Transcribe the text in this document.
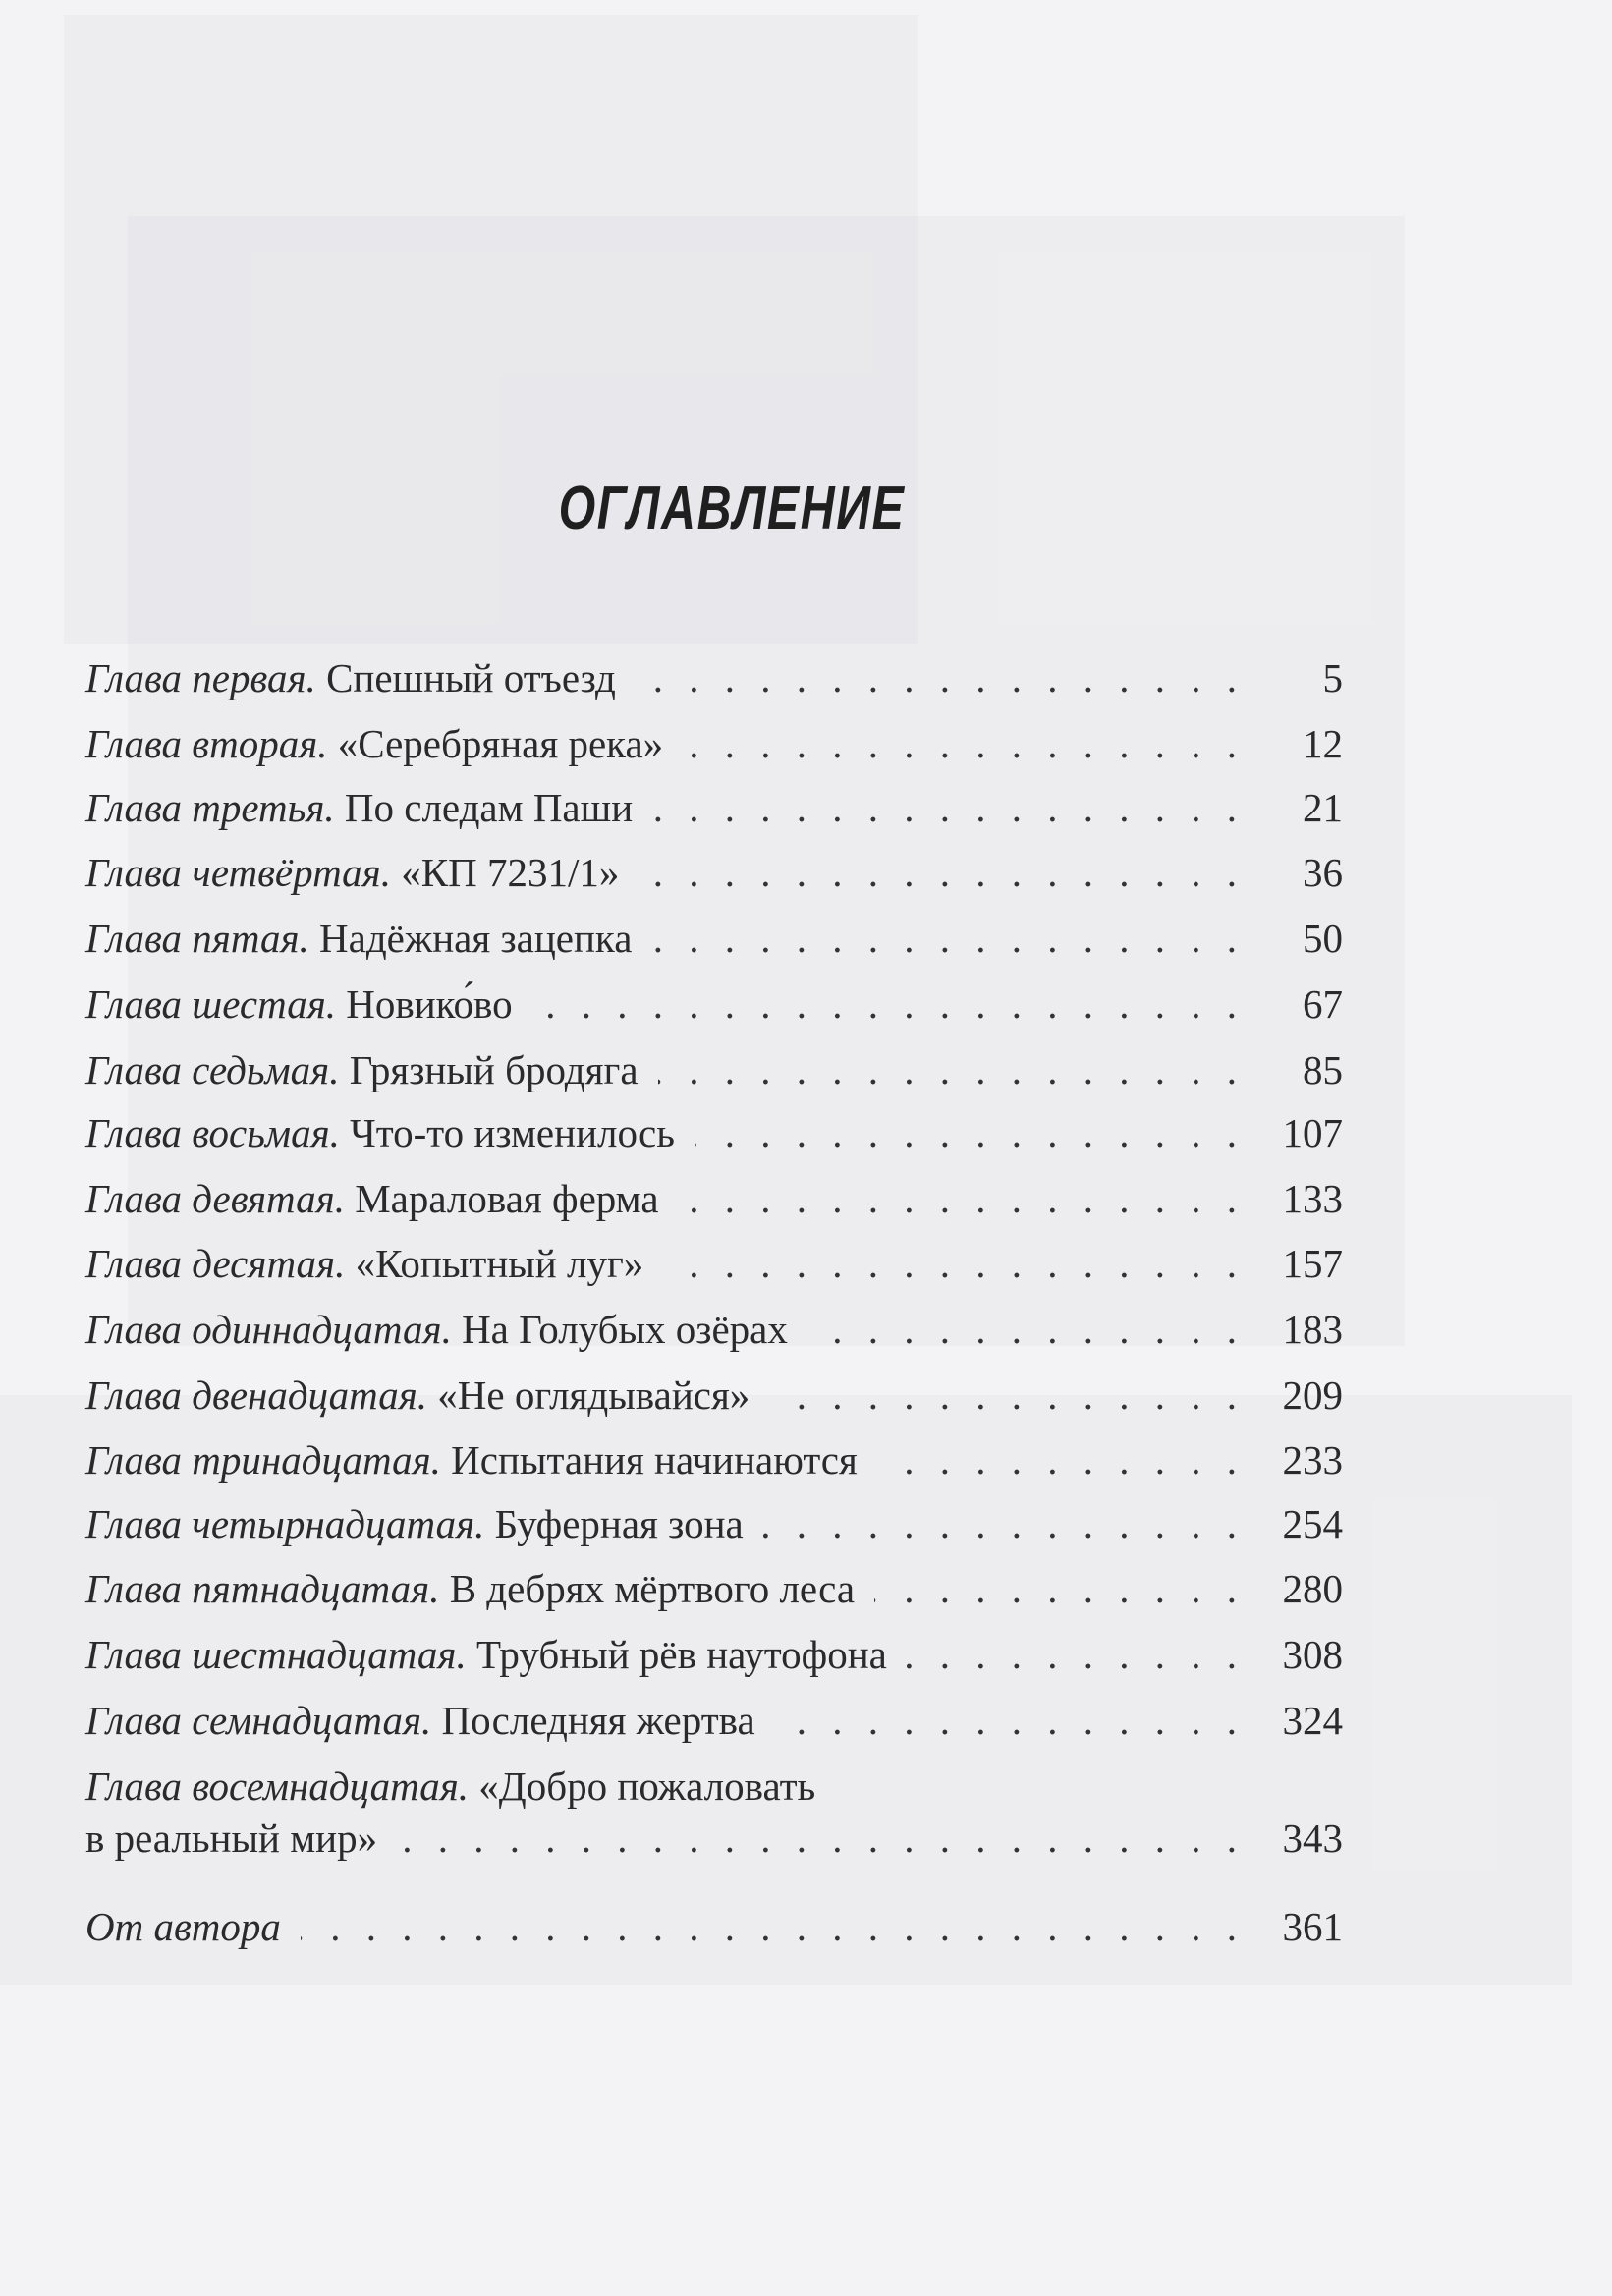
ОГЛАВЛЕНИЕ
Глава первая. Спешный отъезд . . .	5
Глава вторая. «Серебряная река» . . .	12
Глава третья. По следам Паши . . .	21
Глава четвёртая. «КП 7231/1» . . .	36
Глава пятая. Надёжная зацепка . . .	50
Глава шестая. Новико́во . . .	67
Глава седьмая. Грязный бродяга . . .	85
Глава восьмая. Что-то изменилось . . .	107
Глава девятая. Мараловая ферма . . .	133
Глава десятая. «Копытный луг» . . .	157
Глава одиннадцатая. На Голубых озёрах . . .	183
Глава двенадцатая. «Не оглядывайся» . . .	209
Глава тринадцатая. Испытания начинаются . . .	233
Глава четырнадцатая. Буферная зона . . .	254
Глава пятнадцатая. В дебрях мёртвого леса . . .	280
Глава шестнадцатая. Трубный рёв наутофона . . .	308
Глава семнадцатая. Последняя жертва . . .	324
Глава восемнадцатая. «Добро пожаловать
в реальный мир» . . .	343
От автора . . .	361
